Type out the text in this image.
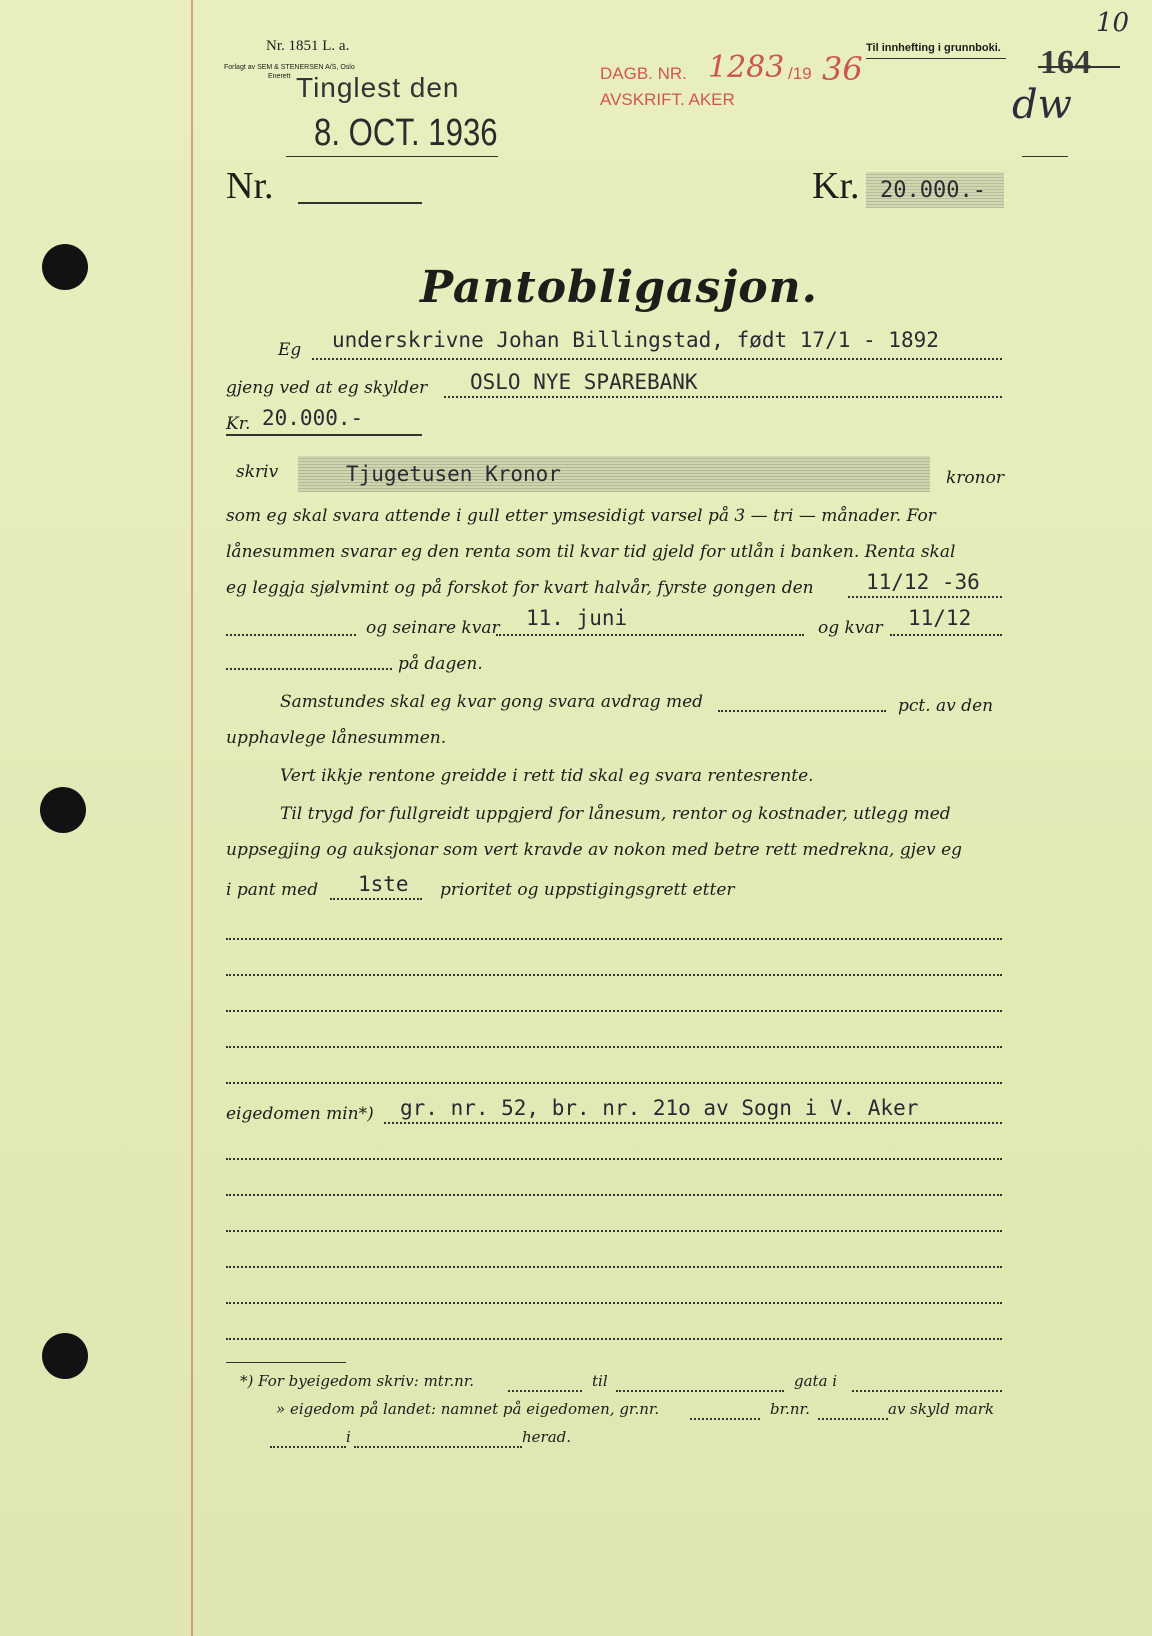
Nr. 1851 L. a.
Forlagt av SEM & STENERSEN A/S, Oslo
Enerett Tinglest den
8. OCT. 1936
DAGB. NR. 1283 /19 36
AVSKRIFT. AKER
Til innhefting i grunnboki. 164
10
dw
Nr.	Kr. 20.000.-
Pantobligasjon.
Eg underskrivne Johan Billingstad, født 17/1 - 1892
gjeng ved at eg skylder OSLO NYE SPAREBANK
Kr. 20.000.-
skriv	Tjugetusen Kronor	kronor
som eg skal svara attende i gull etter ymsesidigt varsel på 3 — tri — månader. For
lånesummen svarar eg den renta som til kvar tid gjeld for utlån i banken. Renta skal
eg leggja sjølvmint og på forskot for kvart halvår, fyrste gongen den 11/12 -36
og seinare kvar 11. juni	og kvar 11/12
på dagen.
Samstundes skal eg kvar gong svara avdrag med	pct. av den
upphavlege lånesummen.
Vert ikkje rentone greidde i rett tid skal eg svara rentesrente.
Til trygd for fullgreidt uppgjerd for lånesum, rentor og kostnader, utlegg med
uppsegjing og auksjonar som vert kravde av nokon med betre rett medrekna, gjev eg
i pant med 1ste prioritet og uppstigingsgrett etter
eigedomen min*) gr. nr. 52, br. nr. 21o av Sogn i V. Aker
*) For byeigedom skriv: mtr.nr.	til	gata i
» eigedom på landet: namnet på eigedomen, gr.nr.	br.nr.	av skyld mark
i	herad.
